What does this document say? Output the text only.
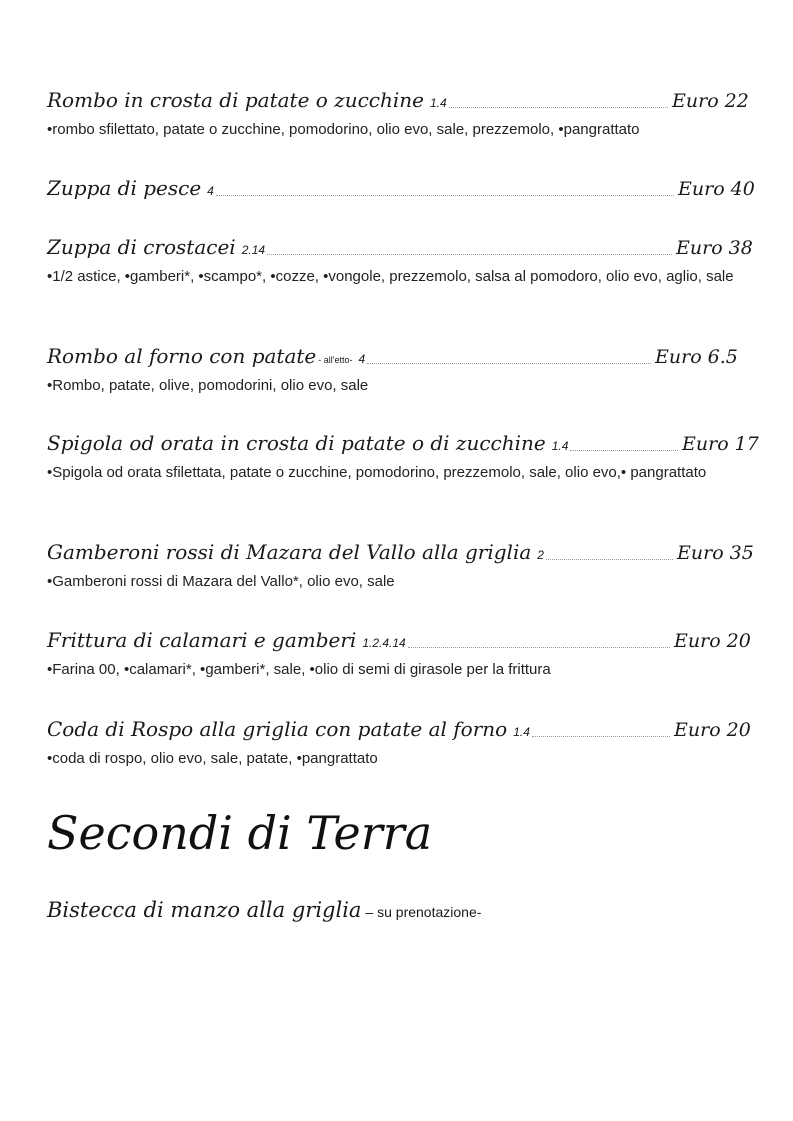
Rombo in crosta di patate o zucchine 1.4	Euro 22
•rombo sfilettato, patate o zucchine, pomodorino, olio evo, sale, prezzemolo, •pangrattato
Zuppa di pesce 4	Euro 40
Zuppa di crostacei 2.14	Euro 38
•1/2 astice, •gamberi*, •scampo*, •cozze, •vongole, prezzemolo, salsa al pomodoro, olio evo, aglio, sale
Rombo al forno con patate - all'etto- 4	Euro 6.5
•Rombo, patate, olive, pomodorini, olio evo, sale
Spigola od orata in crosta di patate o di zucchine 1.4	Euro 17
•Spigola od orata sfilettata, patate o zucchine, pomodorino, prezzemolo, sale, olio evo,• pangrattato
Gamberoni rossi di Mazara del Vallo alla griglia 2	Euro 35
•Gamberoni rossi di Mazara del Vallo*, olio evo, sale
Frittura di calamari e gamberi 1.2.4.14	Euro 20
•Farina 00, •calamari*, •gamberi*, sale, •olio di semi di girasole per la frittura
Coda di Rospo alla griglia con patate al forno 1.4	Euro 20
•coda di rospo, olio evo, sale, patate, •pangrattato
Secondi di Terra
Bistecca di manzo alla griglia – su prenotazione-
